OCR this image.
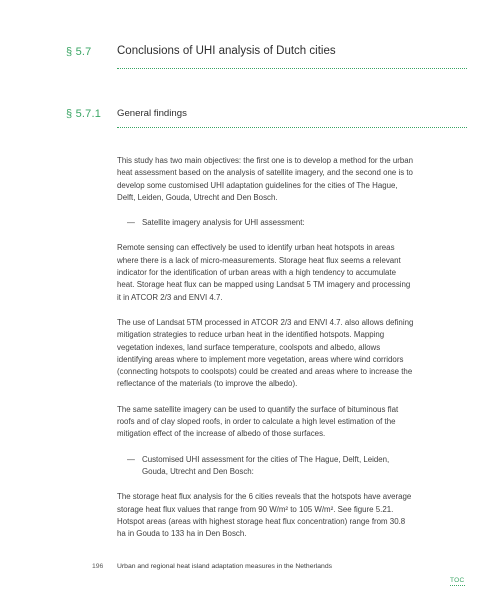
§ 5.7 Conclusions of UHI analysis of Dutch cities
§ 5.7.1 General findings

This study has two main objectives: the first one is to develop a method for the urban heat assessment based on the analysis of satellite imagery, and the second one is to develop some customised UHI adaptation guidelines for the cities of The Hague, Delft, Leiden, Gouda, Utrecht and Den Bosch.

— Satellite imagery analysis for UHI assessment:

Remote sensing can effectively be used to identify urban heat hotspots in areas where there is a lack of micro-measurements. Storage heat flux seems a relevant indicator for the identification of urban areas with a high tendency to accumulate heat. Storage heat flux can be mapped using Landsat 5 TM imagery and processing it in ATCOR 2/3 and ENVI 4.7.

The use of Landsat 5TM processed in ATCOR 2/3 and ENVI 4.7. also allows defining mitigation strategies to reduce urban heat in the identified hotspots. Mapping vegetation indexes, land surface temperature, coolspots and albedo, allows identifying areas where to implement more vegetation, areas where wind corridors (connecting hotspots to coolspots) could be created and areas where to increase the reflectance of the materials (to improve the albedo).

The same satellite imagery can be used to quantify the surface of bituminous flat roofs and of clay sloped roofs, in order to calculate a high level estimation of the mitigation effect of the increase of albedo of those surfaces.

— Customised UHI assessment for the cities of The Hague, Delft, Leiden, Gouda, Utrecht and Den Bosch:

The storage heat flux analysis for the 6 cities reveals that the hotspots have average storage heat flux values that range from 90 W/m² to 105 W/m². See figure 5.21. Hotspot areas (areas with highest storage heat flux concentration) range from 30.8 ha in Gouda to 133 ha in Den Bosch.

196 Urban and regional heat island adaptation measures in the Netherlands
TOC
